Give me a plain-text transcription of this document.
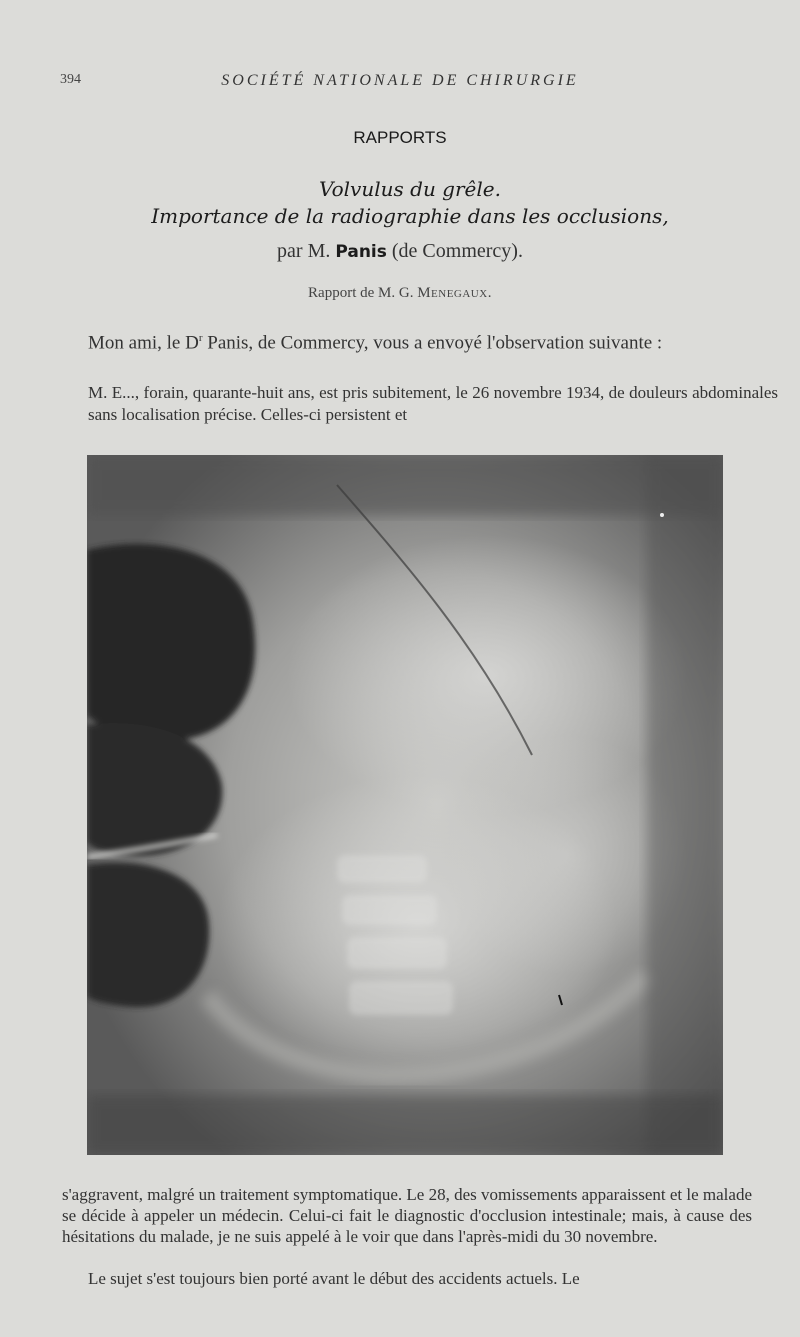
394	SOCIÉTÉ NATIONALE DE CHIRURGIE
RAPPORTS
Volvulus du grêle.
Importance de la radiographie dans les occlusions,
par M. Panis (de Commercy).
Rapport de M. G. Menegaux.
Mon ami, le $D^r$ Panis, de Commercy, vous a envoyé l'observation suivante :
M. E..., forain, quarante-huit ans, est pris subitement, le 26 novembre 1934, de douleurs abdominales sans localisation précise. Celles-ci persistent et
s'aggravent, malgré un traitement symptomatique. Le 28, des vomissements apparaissent et le malade se décide à appeler un médecin. Celui-ci fait le diagnostic d'occlusion intestinale; mais, à cause des hésitations du malade, je ne suis appelé à le voir que dans l'après-midi du 30 novembre.
Le sujet s'est toujours bien porté avant le début des accidents actuels. Le
